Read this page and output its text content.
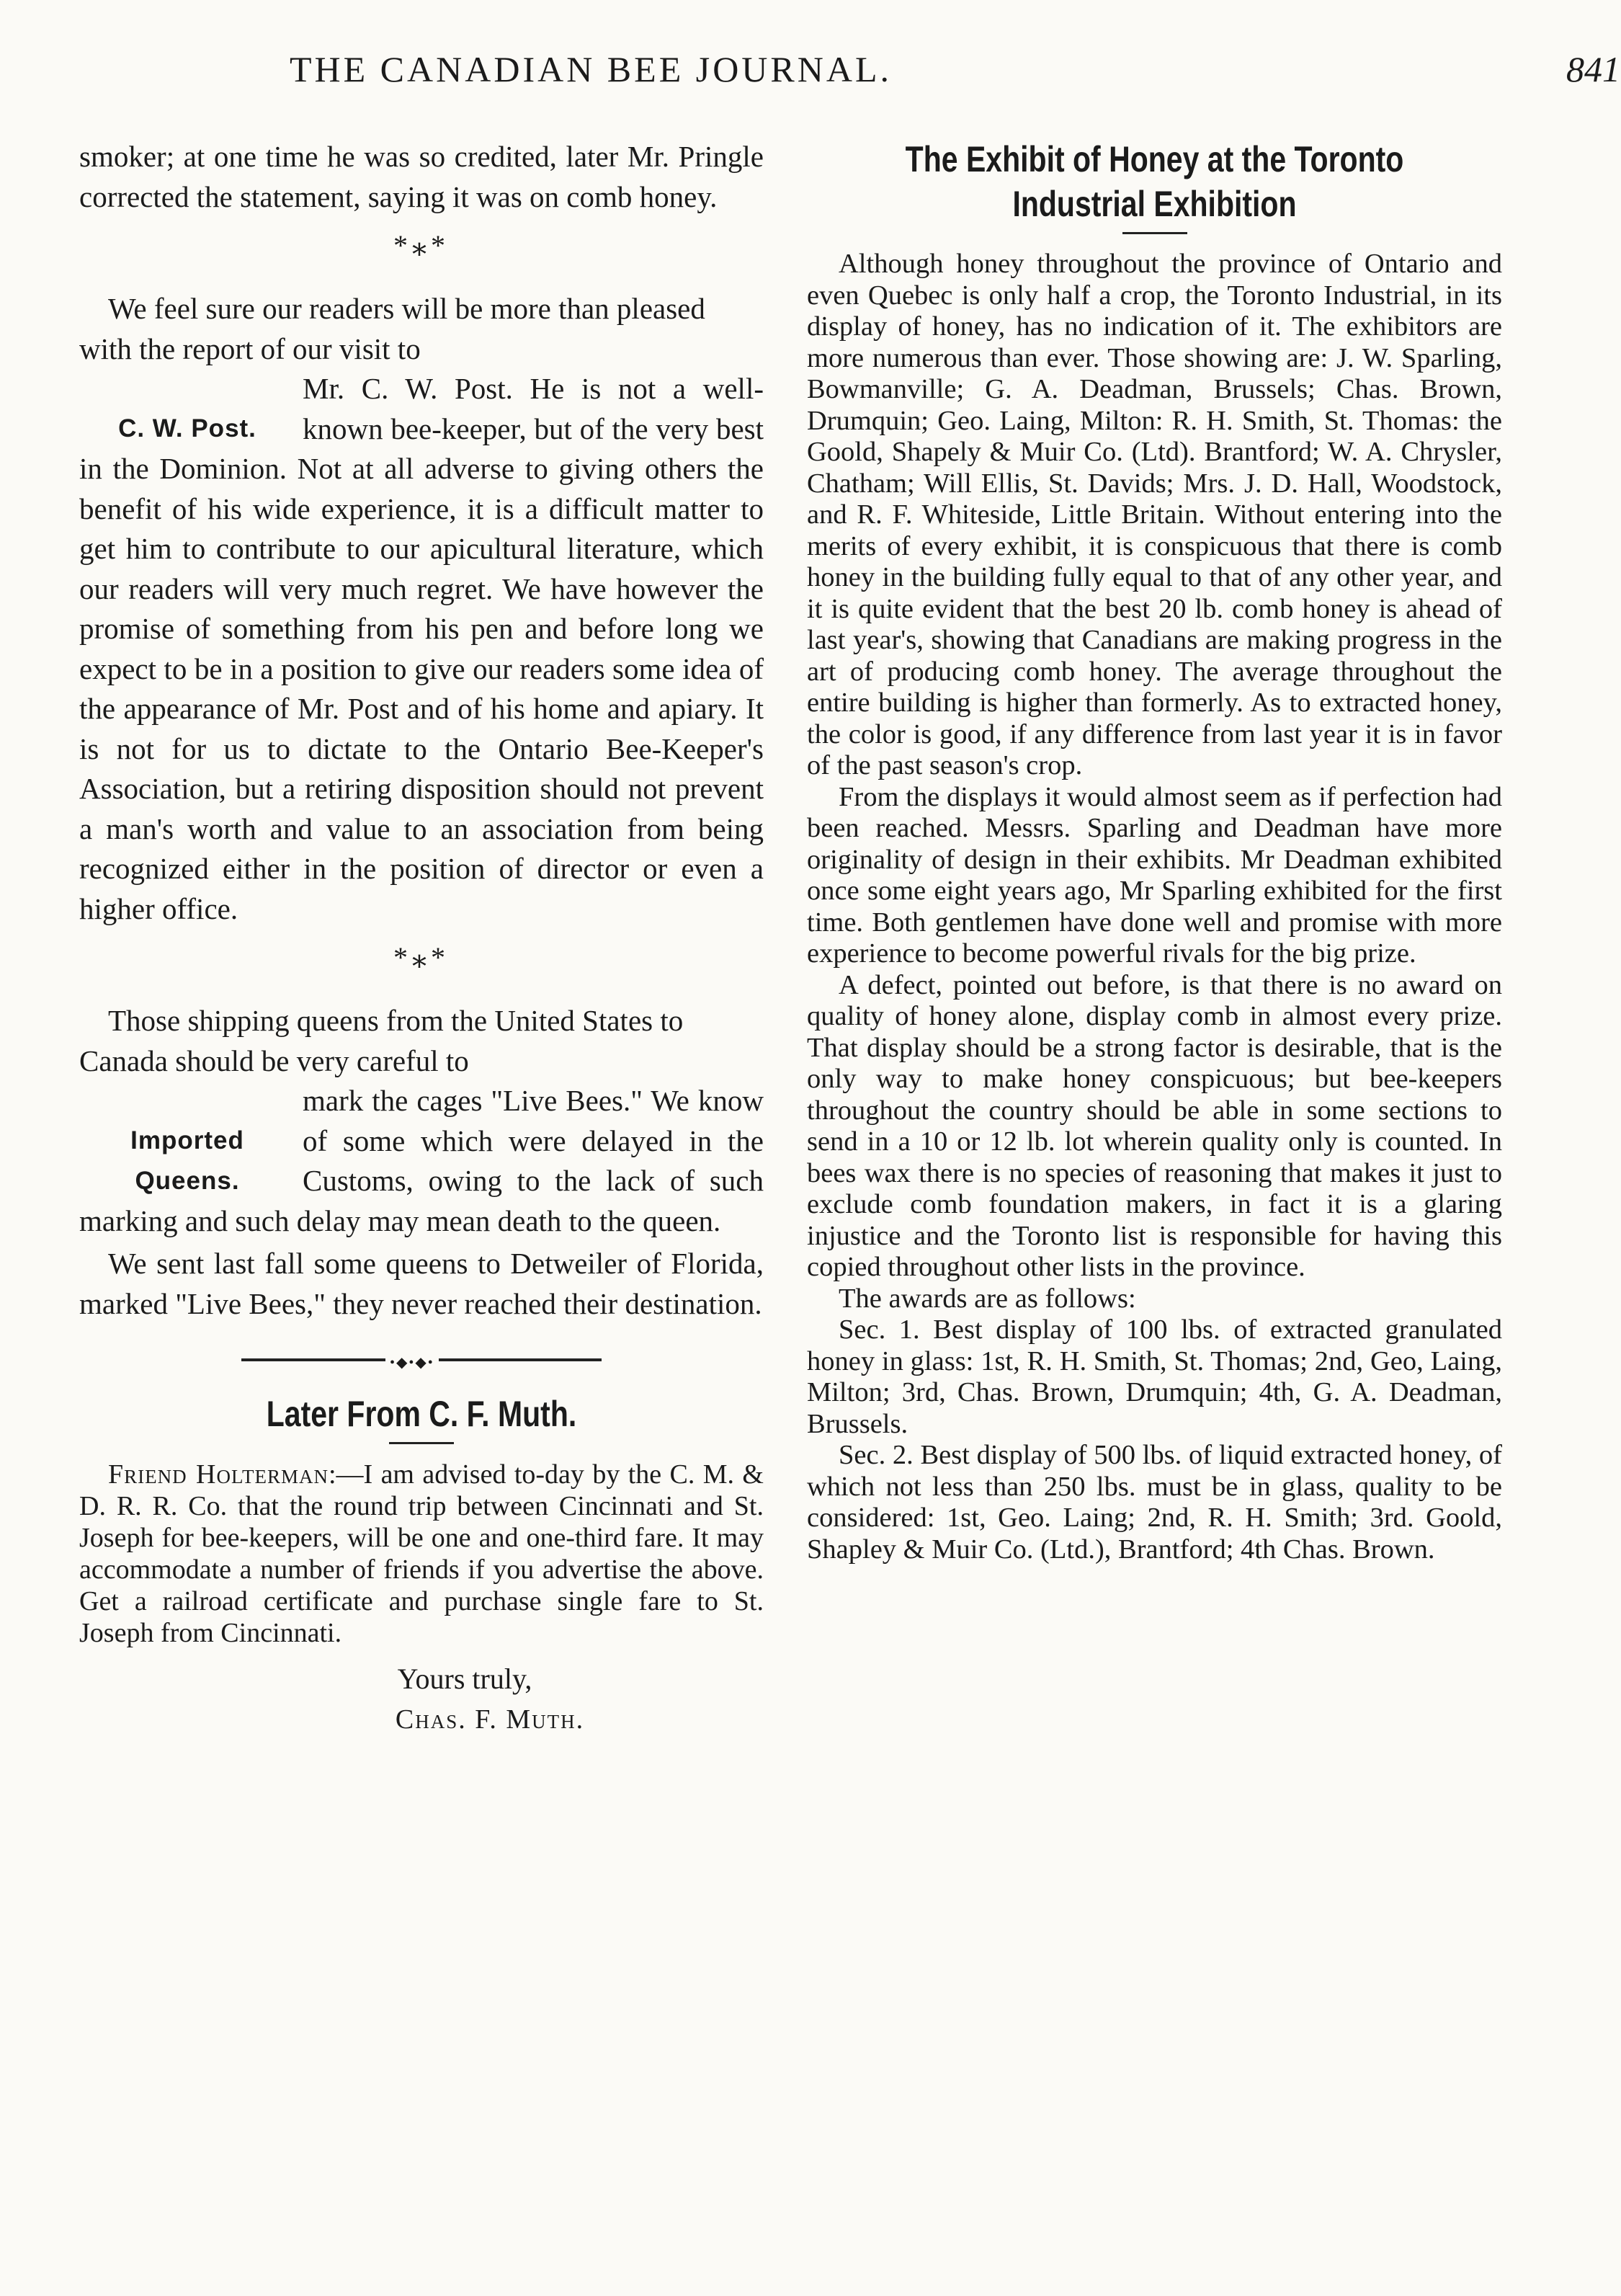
THE CANADIAN BEE JOURNAL.	841

smoker; at one time he was so credited, later Mr. Pringle corrected the statement, saying it was on comb honey.

*⁎*
We feel sure our readers will be more than pleased with the report of our visit to
C. W. Post.

Mr. C. W. Post. He is not a well-known bee-keeper, but of the very best in the Dominion. Not at all adverse to giving others the benefit of his wide experience, it is a difficult matter to get him to contribute to our apicultural literature, which our readers will very much regret. We have however the promise of something from his pen and before long we expect to be in a position to give our readers some idea of the appearance of Mr. Post and of his home and apiary. It is not for us to dictate to the Ontario Bee-Keeper's Association, but a retiring disposition should not prevent a man's worth and value to an association from being recognized either in the position of director or even a higher office.

*⁎*
Those shipping queens from the United States to Canada should be very careful to
Imported
Queens.

mark the cages "Live Bees." We know of some which were delayed in the Customs, owing to the lack of such marking and such delay may mean death to the queen.

We sent last fall some queens to Detweiler of Florida, marked "Live Bees," they never reached their destination.

•◆•◆•
Later From C. F. Muth.

Friend Holterman:—I am advised to-day by the C. M. & D. R. R. Co. that the round trip between Cincinnati and St. Joseph for bee-keepers, will be one and one-third fare. It may accommodate a number of friends if you advertise the above. Get a railroad certificate and purchase single fare to St. Joseph from Cincinnati.

Yours truly,
Chas. F. Muth.
The Exhibit of Honey at the Toronto Industrial Exhibition

Although honey throughout the province of Ontario and even Quebec is only half a crop, the Toronto Industrial, in its display of honey, has no indication of it. The exhibitors are more numerous than ever. Those showing are: J. W. Sparling, Bowmanville; G. A. Deadman, Brussels; Chas. Brown, Drumquin; Geo. Laing, Milton: R. H. Smith, St. Thomas: the Goold, Shapely & Muir Co. (Ltd). Brantford; W. A. Chrysler, Chatham; Will Ellis, St. Davids; Mrs. J. D. Hall, Woodstock, and R. F. Whiteside, Little Britain. Without entering into the merits of every exhibit, it is conspicuous that there is comb honey in the building fully equal to that of any other year, and it is quite evident that the best 20 lb. comb honey is ahead of last year's, showing that Canadians are making progress in the art of producing comb honey. The average throughout the entire building is higher than formerly. As to extracted honey, the color is good, if any difference from last year it is in favor of the past season's crop.

From the displays it would almost seem as if perfection had been reached. Messrs. Sparling and Deadman have more originality of design in their exhibits. Mr Deadman exhibited once some eight years ago, Mr Sparling exhibited for the first time. Both gentlemen have done well and promise with more experience to become powerful rivals for the big prize.

A defect, pointed out before, is that there is no award on quality of honey alone, display comb in almost every prize. That display should be a strong factor is desirable, that is the only way to make honey conspicuous; but bee-keepers throughout the country should be able in some sections to send in a 10 or 12 lb. lot wherein quality only is counted. In bees wax there is no species of reasoning that makes it just to exclude comb foundation makers, in fact it is a glaring injustice and the Toronto list is responsible for having this copied throughout other lists in the province.

The awards are as follows:

Sec. 1. Best display of 100 lbs. of extracted granulated honey in glass: 1st, R. H. Smith, St. Thomas; 2nd, Geo, Laing, Milton; 3rd, Chas. Brown, Drumquin; 4th, G. A. Deadman, Brussels.

Sec. 2. Best display of 500 lbs. of liquid extracted honey, of which not less than 250 lbs. must be in glass, quality to be considered: 1st, Geo. Laing; 2nd, R. H. Smith; 3rd. Goold, Shapley & Muir Co. (Ltd.), Brantford; 4th Chas. Brown.
